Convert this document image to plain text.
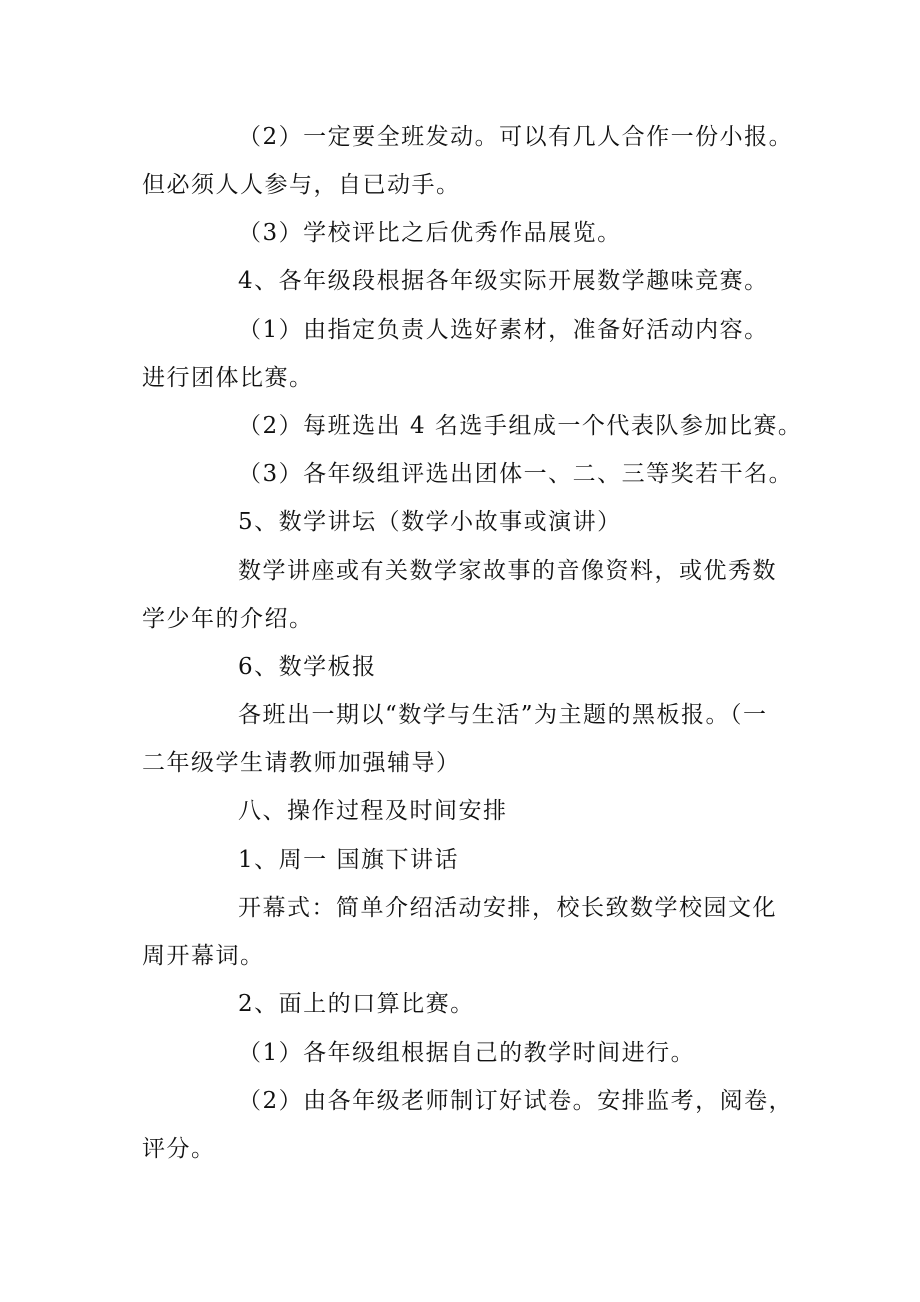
（2）一定要全班发动。可以有几人合作一份小报。
但必须人人参与，自已动手。
（3）学校评比之后优秀作品展览。
4、各年级段根据各年级实际开展数学趣味竞赛。
（1）由指定负责人选好素材，准备好活动内容。
进行团体比赛。
（2）每班选出 4 名选手组成一个代表队参加比赛。
（3）各年级组评选出团体一、二、三等奖若干名。
5、数学讲坛（数学小故事或演讲）
数学讲座或有关数学家故事的音像资料，或优秀数
学少年的介绍。
6、数学板报
各班出一期以“数学与生活”为主题的黑板报。（一
二年级学生请教师加强辅导）
八、操作过程及时间安排
1、周一 国旗下讲话
开幕式：简单介绍活动安排，校长致数学校园文化
周开幕词。
2、面上的口算比赛。
（1）各年级组根据自己的教学时间进行。
（2）由各年级老师制订好试卷。安排监考，阅卷，
评分。
